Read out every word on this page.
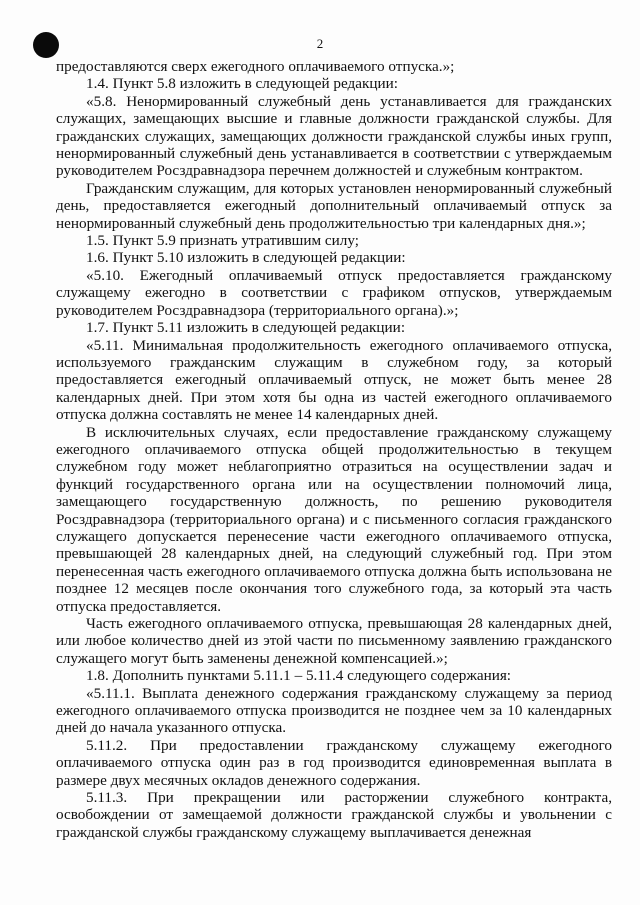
2

предоставляются сверх ежегодного оплачиваемого отпуска.»;

1.4. Пункт 5.8 изложить в следующей редакции:

«5.8. Ненормированный служебный день устанавливается для гражданских служащих, замещающих высшие и главные должности гражданской службы. Для гражданских служащих, замещающих должности гражданской службы иных групп, ненормированный служебный день устанавливается в соответствии с утверждаемым руководителем Росздравнадзора перечнем должностей и служебным контрактом.

Гражданским служащим, для которых установлен ненормированный служебный день, предоставляется ежегодный дополнительный оплачиваемый отпуск за ненормированный служебный день продолжительностью три календарных дня.»;

1.5. Пункт 5.9 признать утратившим силу;

1.6. Пункт 5.10 изложить в следующей редакции:

«5.10. Ежегодный оплачиваемый отпуск предоставляется гражданскому служащему ежегодно в соответствии с графиком отпусков, утверждаемым руководителем Росздравнадзора (территориального органа).»;

1.7. Пункт 5.11 изложить в следующей редакции:

«5.11. Минимальная продолжительность ежегодного оплачиваемого отпуска, используемого гражданским служащим в служебном году, за который предоставляется ежегодный оплачиваемый отпуск, не может быть менее 28 календарных дней. При этом хотя бы одна из частей ежегодного оплачиваемого отпуска должна составлять не менее 14 календарных дней.

В исключительных случаях, если предоставление гражданскому служащему ежегодного оплачиваемого отпуска общей продолжительностью в текущем служебном году может неблагоприятно отразиться на осуществлении задач и функций государственного органа или на осуществлении полномочий лица, замещающего государственную должность, по решению руководителя Росздравнадзора (территориального органа) и с письменного согласия гражданского служащего допускается перенесение части ежегодного оплачиваемого отпуска, превышающей 28 календарных дней, на следующий служебный год. При этом перенесенная часть ежегодного оплачиваемого отпуска должна быть использована не позднее 12 месяцев после окончания того служебного года, за который эта часть отпуска предоставляется.

Часть ежегодного оплачиваемого отпуска, превышающая 28 календарных дней, или любое количество дней из этой части по письменному заявлению гражданского служащего могут быть заменены денежной компенсацией.»;

1.8. Дополнить пунктами 5.11.1 – 5.11.4 следующего содержания:

«5.11.1. Выплата денежного содержания гражданскому служащему за период ежегодного оплачиваемого отпуска производится не позднее чем за 10 календарных дней до начала указанного отпуска.

5.11.2. При предоставлении гражданскому служащему ежегодного оплачиваемого отпуска один раз в год производится единовременная выплата в размере двух месячных окладов денежного содержания.

5.11.3. При прекращении или расторжении служебного контракта, освобождении от замещаемой должности гражданской службы и увольнении с гражданской службы гражданскому служащему выплачивается денежная
